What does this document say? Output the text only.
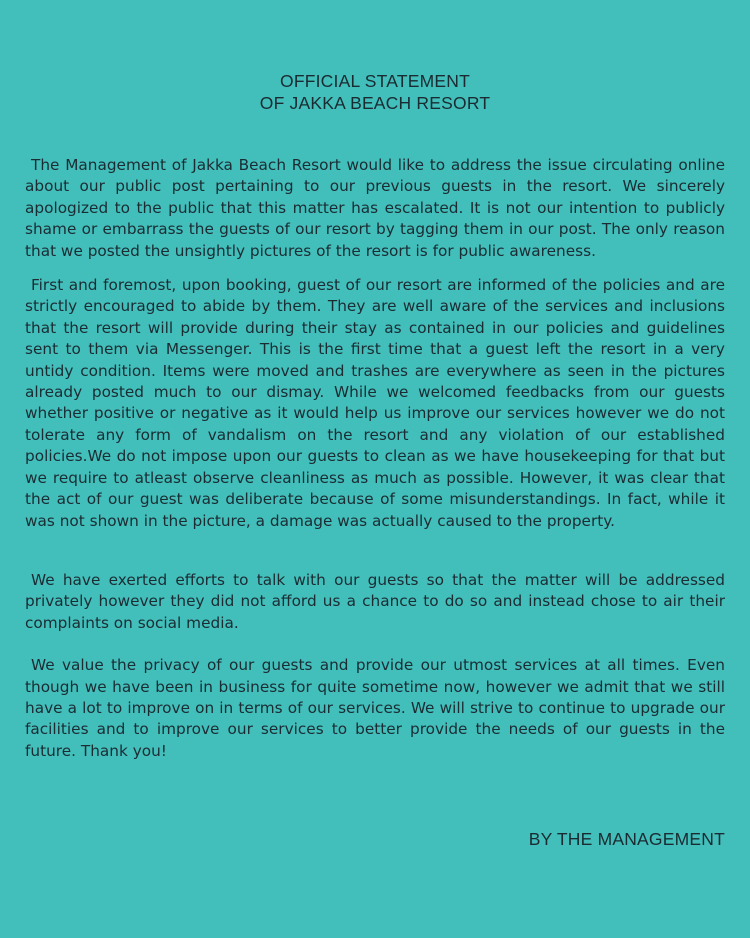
OFFICIAL STATEMENT
OF JAKKA BEACH RESORT

The Management of Jakka Beach Resort would like to address the issue circulating online about our public post pertaining to our previous guests in the resort. We sincerely apologized to the public that this matter has escalated. It is not our intention to publicly shame or embarrass the guests of our resort by tagging them in our post. The only reason that we posted the unsightly pictures of the resort is for public awareness.

First and foremost, upon booking, guest of our resort are informed of the policies and are strictly encouraged to abide by them. They are well aware of the services and inclusions that the resort will provide during their stay as contained in our policies and guidelines sent to them via Messenger. This is the first time that a guest left the resort in a very untidy condition. Items were moved and trashes are everywhere as seen in the pictures already posted much to our dismay. While we welcomed feedbacks from our guests whether positive or negative as it would help us improve our services however we do not tolerate any form of vandalism on the resort and any violation of our established policies.We do not impose upon our guests to clean as we have housekeeping for that but we require to atleast observe cleanliness as much as possible. However, it was clear that the act of our guest was deliberate because of some misunderstandings. In fact, while it was not shown in the picture, a damage was actually caused to the property.

We have exerted efforts to talk with our guests so that the matter will be addressed privately however they did not afford us a chance to do so and instead chose to air their complaints on social media.

We value the privacy of our guests and provide our utmost services at all times. Even though we have been in business for quite sometime now, however we admit that we still have a lot to improve on in terms of our services. We will strive to continue to upgrade our facilities and to improve our services to better provide the needs of our guests in the future. Thank you!

BY THE MANAGEMENT
